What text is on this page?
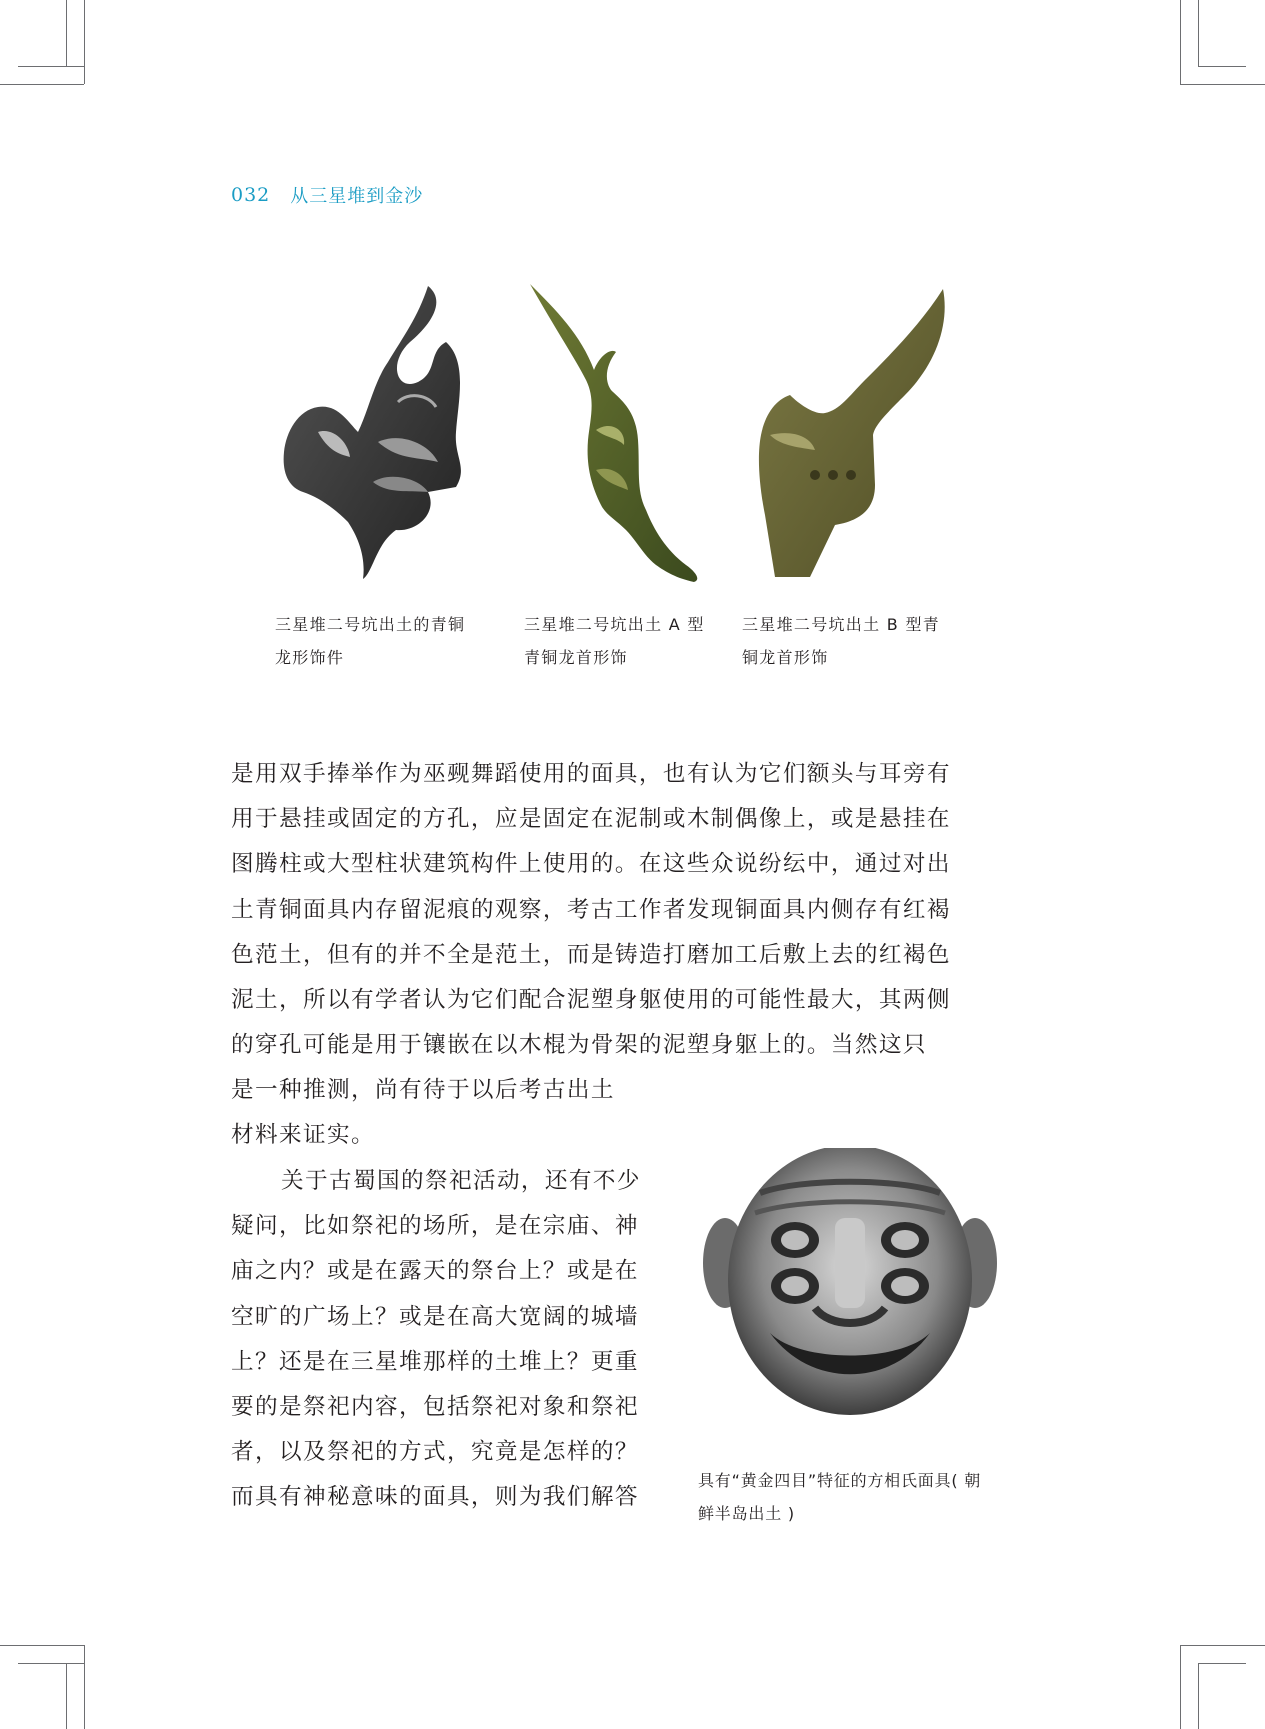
032 从三星堆到金沙
三星堆二号坑出土的青铜
龙形饰件
三星堆二号坑出土 A 型
青铜龙首形饰
三星堆二号坑出土 B 型青
铜龙首形饰
是用双手捧举作为巫觋舞蹈使用的面具，也有认为它们额头与耳旁有
用于悬挂或固定的方孔，应是固定在泥制或木制偶像上，或是悬挂在
图腾柱或大型柱状建筑构件上使用的。在这些众说纷纭中，通过对出
土青铜面具内存留泥痕的观察，考古工作者发现铜面具内侧存有红褐
色范土，但有的并不全是范土，而是铸造打磨加工后敷上去的红褐色
泥土，所以有学者认为它们配合泥塑身躯使用的可能性最大，其两侧
的穿孔可能是用于镶嵌在以木棍为骨架的泥塑身躯上的。当然这只
是一种推测，尚有待于以后考古出土
材料来证实。
关于古蜀国的祭祀活动，还有不少
疑问，比如祭祀的场所，是在宗庙、神
庙之内？或是在露天的祭台上？或是在
空旷的广场上？或是在高大宽阔的城墙
上？还是在三星堆那样的土堆上？更重
要的是祭祀内容，包括祭祀对象和祭祀
者，以及祭祀的方式，究竟是怎样的？
而具有神秘意味的面具，则为我们解答
具有“黄金四目”特征的方相氏面具( 朝
鲜半岛出土 )
